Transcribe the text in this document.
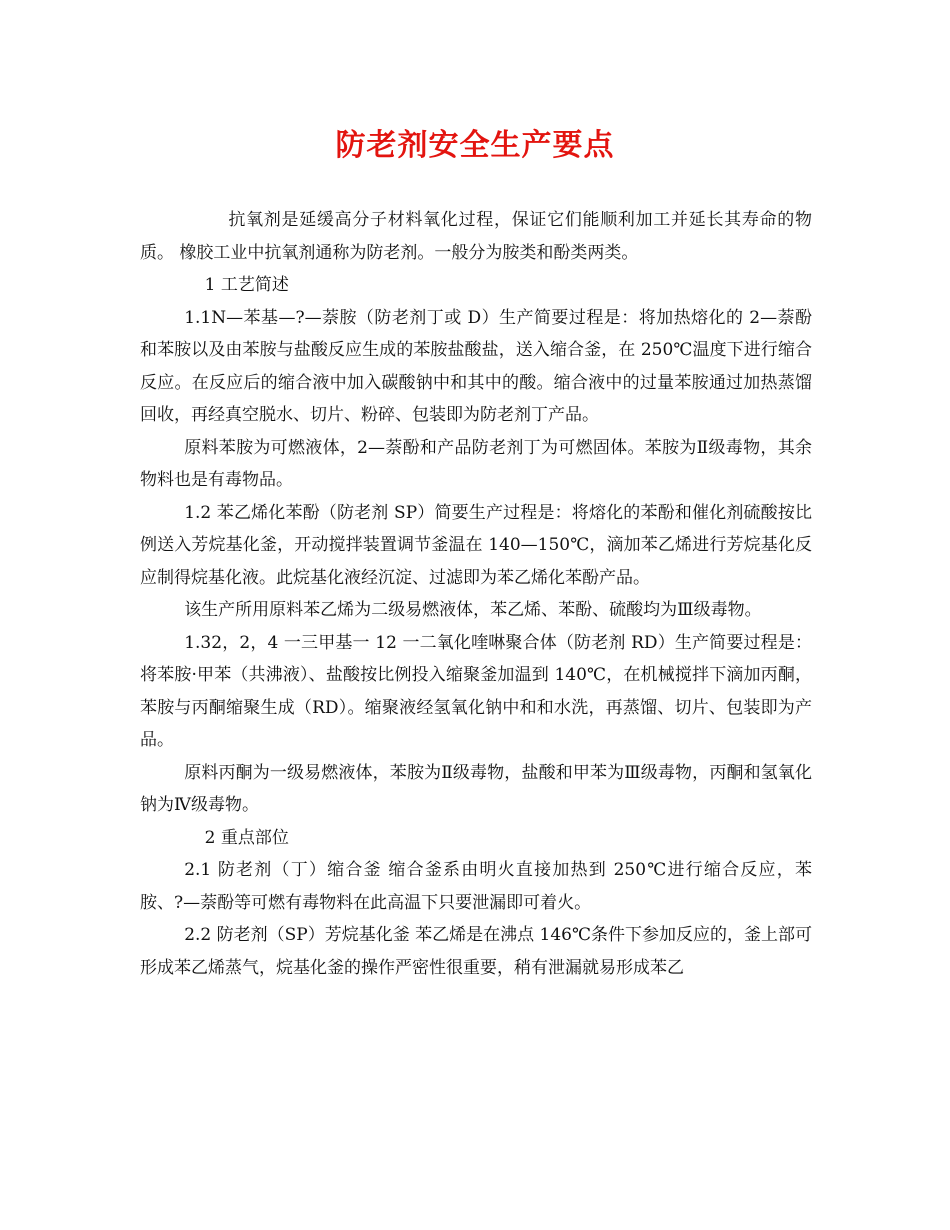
防老剂安全生产要点

抗氧剂是延缓高分子材料氧化过程，保证它们能顺利加工并延长其寿命的物质。 橡胶工业中抗氧剂通称为防老剂。一般分为胺类和酚类两类。

1 工艺简述

1.1N—苯基—?—萘胺（防老剂丁或 D）生产简要过程是：将加热熔化的 2—萘酚和苯胺以及由苯胺与盐酸反应生成的苯胺盐酸盐，送入缩合釜，在 250℃温度下进行缩合反应。在反应后的缩合液中加入碳酸钠中和其中的酸。缩合液中的过量苯胺通过加热蒸馏回收，再经真空脱水、切片、粉碎、包装即为防老剂丁产品。

原料苯胺为可燃液体，2—萘酚和产品防老剂丁为可燃固体。苯胺为Ⅱ级毒物，其余物料也是有毒物品。

1.2 苯乙烯化苯酚（防老剂 SP）简要生产过程是：将熔化的苯酚和催化剂硫酸按比例送入芳烷基化釜，开动搅拌装置调节釜温在 140—150℃，滴加苯乙烯进行芳烷基化反应制得烷基化液。此烷基化液经沉淀、过滤即为苯乙烯化苯酚产品。

该生产所用原料苯乙烯为二级易燃液体，苯乙烯、苯酚、硫酸均为Ⅲ级毒物。

1.32，2，4 一三甲基一 12 一二氧化喹啉聚合体（防老剂 RD）生产简要过程是：将苯胺·甲苯（共沸液）、盐酸按比例投入缩聚釜加温到 140℃，在机械搅拌下滴加丙酮，苯胺与丙酮缩聚生成（RD）。缩聚液经氢氧化钠中和和水洗，再蒸馏、切片、包装即为产品。

原料丙酮为一级易燃液体，苯胺为Ⅱ级毒物，盐酸和甲苯为Ⅲ级毒物，丙酮和氢氧化钠为Ⅳ级毒物。

2 重点部位

2.1 防老剂（丁）缩合釜 缩合釜系由明火直接加热到 250℃进行缩合反应，苯胺、?—萘酚等可燃有毒物料在此高温下只要泄漏即可着火。

2.2 防老剂（SP）芳烷基化釜 苯乙烯是在沸点 146℃条件下参加反应的，釜上部可形成苯乙烯蒸气，烷基化釜的操作严密性很重要，稍有泄漏就易形成苯乙
